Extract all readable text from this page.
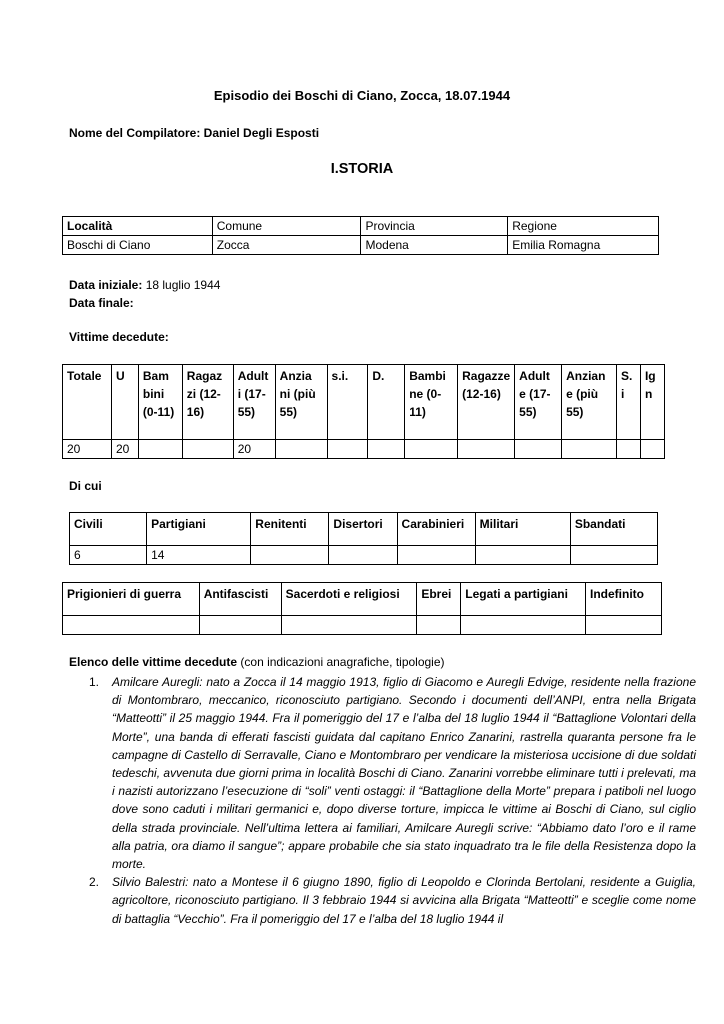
Episodio dei Boschi di Ciano, Zocca, 18.07.1944
Nome del Compilatore: Daniel Degli Esposti
I.STORIA
Località	Comune	Provincia	Regione
Boschi di Ciano	Zocca	Modena	Emilia Romagna
Data iniziale: 18 luglio 1944
Data finale:
Vittime decedute:
Totale	U	Bam bini (0-11)	Ragaz zi (12-16)	Adult i (17-55)	Anzia ni (più 55)	s.i.	D.	Bambi ne (0-11)	Ragazze (12-16)	Adult e (17-55)	Anzian e (più 55)	S. i	Ig n
20	20			20									
Di cui
Civili	Partigiani	Renitenti	Disertori	Carabinieri	Militari	Sbandati
6	14					
Prigionieri di guerra	Antifascisti	Sacerdoti e religiosi	Ebrei	Legati a partigiani	Indefinito

Elenco delle vittime decedute (con indicazioni anagrafiche, tipologie)
1. Amilcare Auregli: nato a Zocca il 14 maggio 1913, figlio di Giacomo e Auregli Edvige, residente nella frazione di Montombraro, meccanico, riconosciuto partigiano. Secondo i documenti dell’ANPI, entra nella Brigata “Matteotti” il 25 maggio 1944. Fra il pomeriggio del 17 e l’alba del 18 luglio 1944 il “Battaglione Volontari della Morte”, una banda di efferati fascisti guidata dal capitano Enrico Zanarini, rastrella quaranta persone fra le campagne di Castello di Serravalle, Ciano e Montombraro per vendicare la misteriosa uccisione di due soldati tedeschi, avvenuta due giorni prima in località Boschi di Ciano. Zanarini vorrebbe eliminare tutti i prelevati, ma i nazisti autorizzano l’esecuzione di “soli” venti ostaggi: il “Battaglione della Morte” prepara i patiboli nel luogo dove sono caduti i militari germanici e, dopo diverse torture, impicca le vittime ai Boschi di Ciano, sul ciglio della strada provinciale. Nell’ultima lettera ai familiari, Amilcare Auregli scrive: “Abbiamo dato l’oro e il rame alla patria, ora diamo il sangue”; appare probabile che sia stato inquadrato tra le file della Resistenza dopo la morte.
2. Silvio Balestri: nato a Montese il 6 giugno 1890, figlio di Leopoldo e Clorinda Bertolani, residente a Guiglia, agricoltore, riconosciuto partigiano. Il 3 febbraio 1944 si avvicina alla Brigata “Matteotti” e sceglie come nome di battaglia “Vecchio”. Fra il pomeriggio del 17 e l’alba del 18 luglio 1944 il
